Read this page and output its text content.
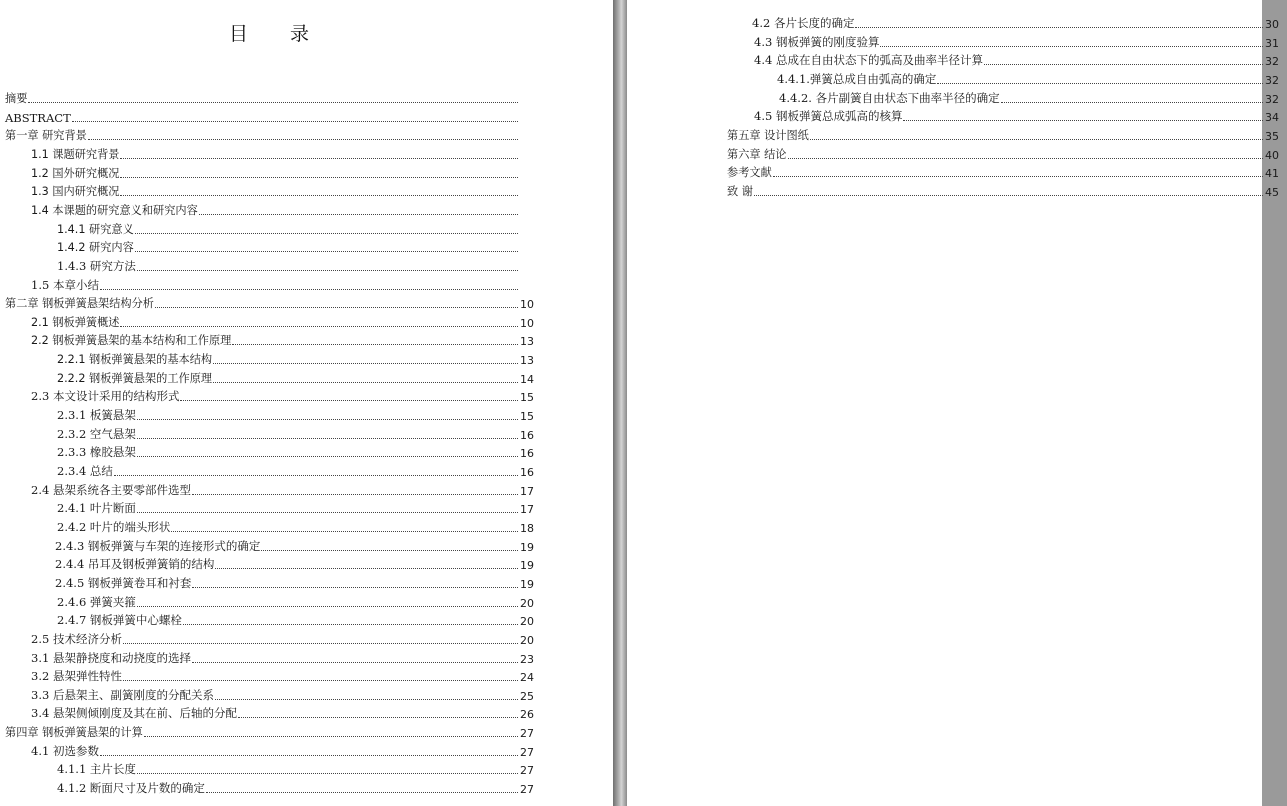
目 录
摘要
ABSTRACT
第一章 研究背景
1.1 课题研究背景
1.2 国外研究概况
1.3 国内研究概况
1.4 本课题的研究意义和研究内容
1.4.1 研究意义
1.4.2 研究内容
1.4.3 研究方法
1.5 本章小结
第二章 钢板弹簧悬架结构分析	10
2.1 钢板弹簧概述	10
2.2 钢板弹簧悬架的基本结构和工作原理	13
2.2.1 钢板弹簧悬架的基本结构	13
2.2.2 钢板弹簧悬架的工作原理	14
2.3 本文设计采用的结构形式	15
2.3.1 板簧悬架	15
2.3.2 空气悬架	16
2.3.3 橡胶悬架	16
2.3.4 总结	16
2.4 悬架系统各主要零部件选型	17
2.4.1 叶片断面	17
2.4.2 叶片的端头形状	18
2.4.3 钢板弹簧与车架的连接形式的确定	19
2.4.4 吊耳及钢板弹簧销的结构	19
2.4.5 钢板弹簧卷耳和衬套	19
2.4.6 弹簧夹箍	20
2.4.7 钢板弹簧中心螺栓	20
2.5 技术经济分析	20
3.1 悬架静挠度和动挠度的选择	23
3.2 悬架弹性特性	24
3.3 后悬架主、副簧刚度的分配关系	25
3.4 悬架侧倾刚度及其在前、后轴的分配	26
第四章 钢板弹簧悬架的计算	27
4.1 初选参数	27
4.1.1 主片长度	27
4.1.2 断面尺寸及片数的确定	27
4.2 各片长度的确定	30
4.3 钢板弹簧的刚度验算	31
4.4 总成在自由状态下的弧高及曲率半径计算	32
4.4.1.弹簧总成自由弧高的确定	32
4.4.2. 各片副簧自由状态下曲率半径的确定	32
4.5 钢板弹簧总成弧高的核算	34
第五章 设计图纸	35
第六章 结论	40
参考文献	41
致 谢	45
